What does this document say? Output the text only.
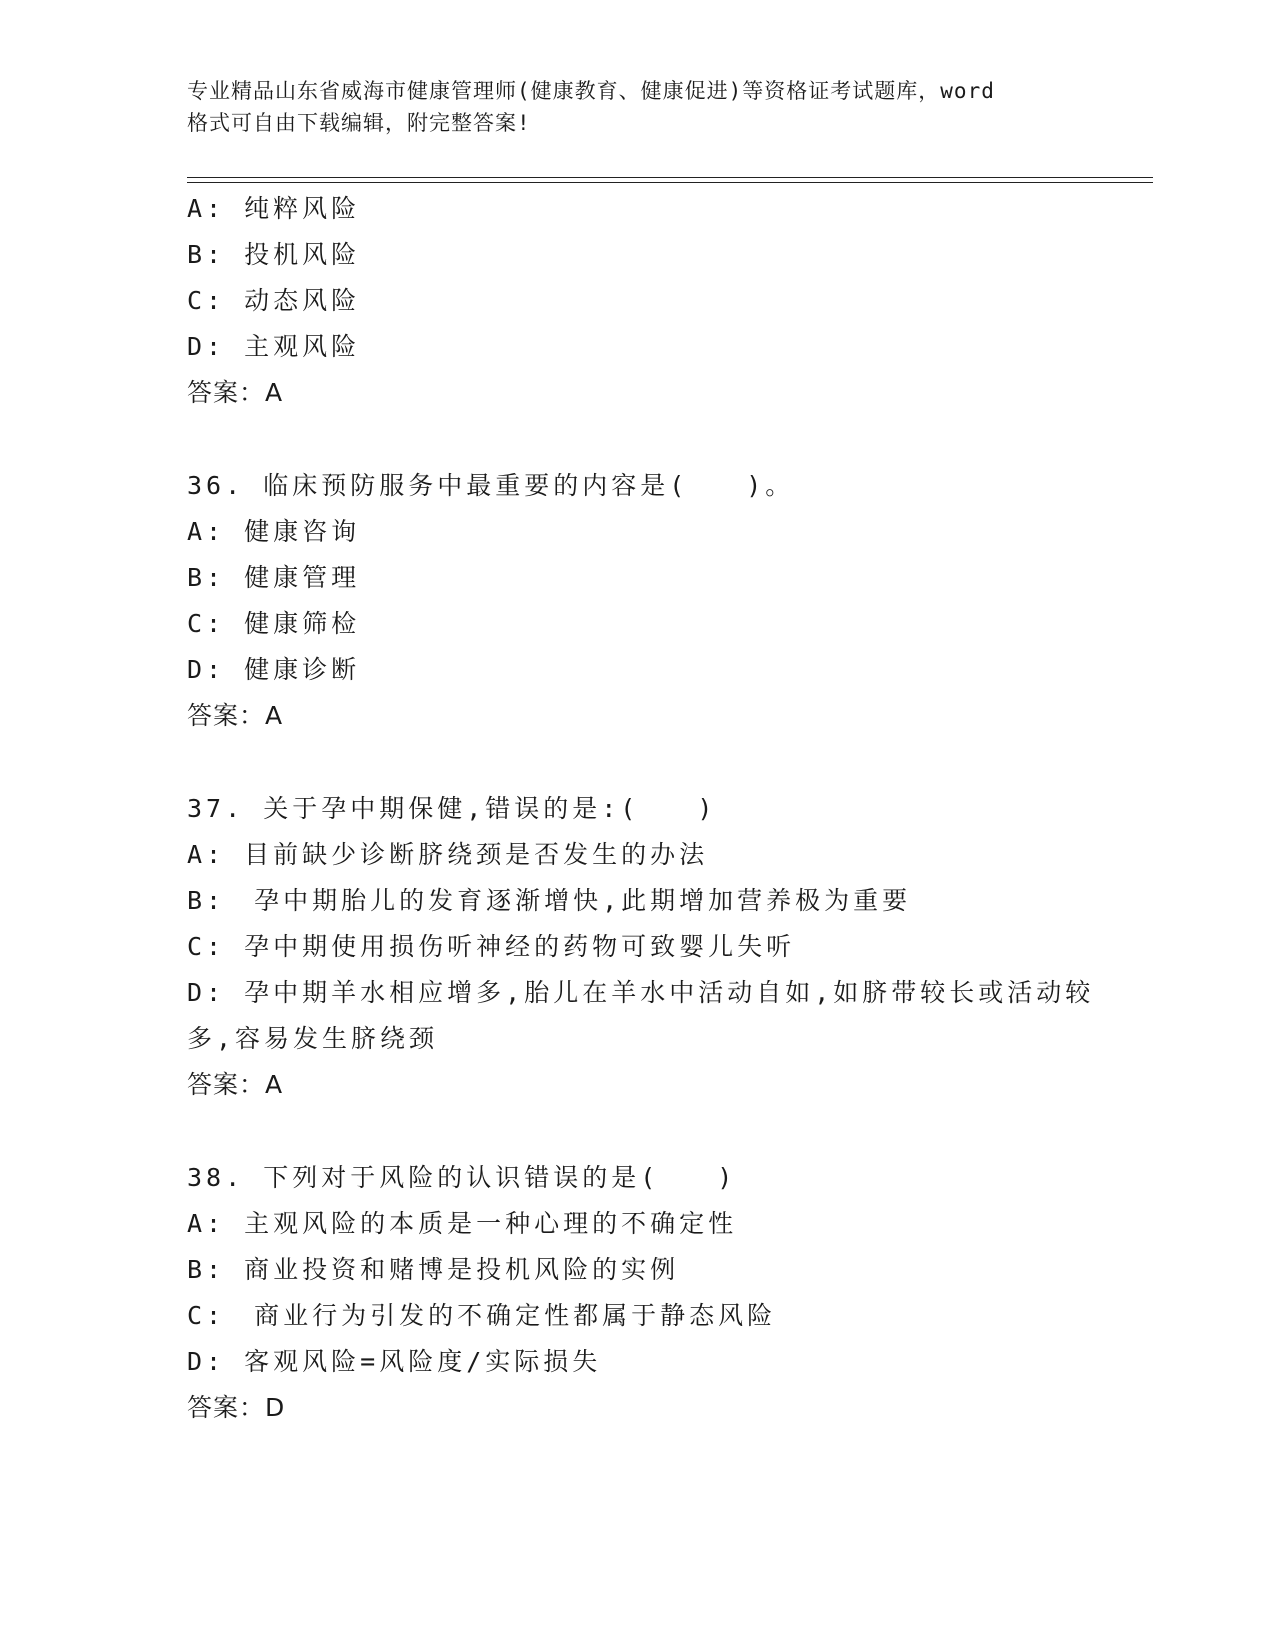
专业精品山东省威海市健康管理师(健康教育、健康促进)等资格证考试题库，word
格式可自由下载编辑，附完整答案!
A: 纯粹风险
B: 投机风险
C: 动态风险
D: 主观风险
答案：A
36. 临床预防服务中最重要的内容是(　　)。
A: 健康咨询
B: 健康管理
C: 健康筛检
D: 健康诊断
答案：A
37. 关于孕中期保健,错误的是:(　　)
A: 目前缺少诊断脐绕颈是否发生的办法
B:　孕中期胎儿的发育逐渐增快,此期增加营养极为重要
C: 孕中期使用损伤听神经的药物可致婴儿失听
D: 孕中期羊水相应增多,胎儿在羊水中活动自如,如脐带较长或活动较
多,容易发生脐绕颈
答案：A
38. 下列对于风险的认识错误的是(　　)
A: 主观风险的本质是一种心理的不确定性
B: 商业投资和赌博是投机风险的实例
C:　商业行为引发的不确定性都属于静态风险
D: 客观风险=风险度/实际损失
答案：D
